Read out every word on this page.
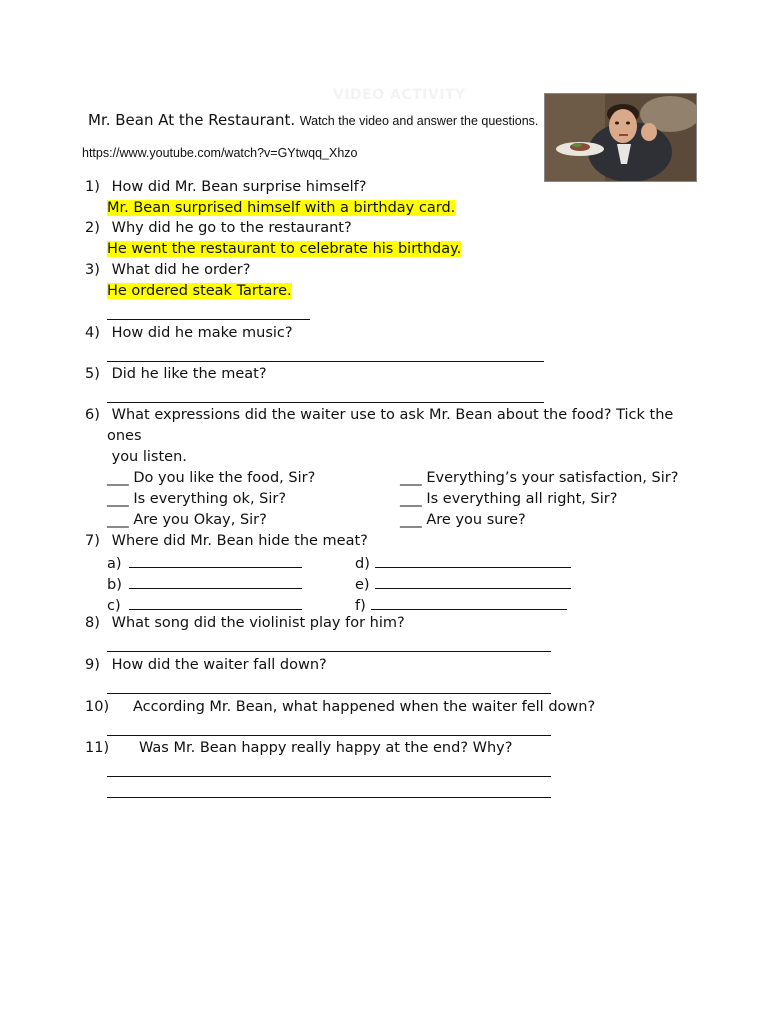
VIDEO ACTIVITY
Mr. Bean At the Restaurant. Watch the video and answer the questions.
https://www.youtube.com/watch?v=GYtwqq_Xhzo
1) How did Mr. Bean surprise himself?
Mr. Bean surprised himself with a birthday card.
2) Why did he go to the restaurant?
He went the restaurant to celebrate his birthday.
3) What did he order?
He ordered steak Tartare.
4) How did he make music?
5) Did he like the meat?
6) What expressions did the waiter use to ask Mr. Bean about the food? Tick the
ones
you listen.
___ Do you like the food, Sir?
___ Is everything ok, Sir?
___ Are you Okay, Sir?
___ Everything’s your satisfaction, Sir?
___ Is everything all right, Sir?
___ Are you sure?
7) Where did Mr. Bean hide the meat?
a)
b)
c)
d)
e)
f)
8) What song did the violinist play for him?
9) How did the waiter fall down?
10) According Mr. Bean, what happened when the waiter fell down?
11) Was Mr. Bean happy really happy at the end? Why?
